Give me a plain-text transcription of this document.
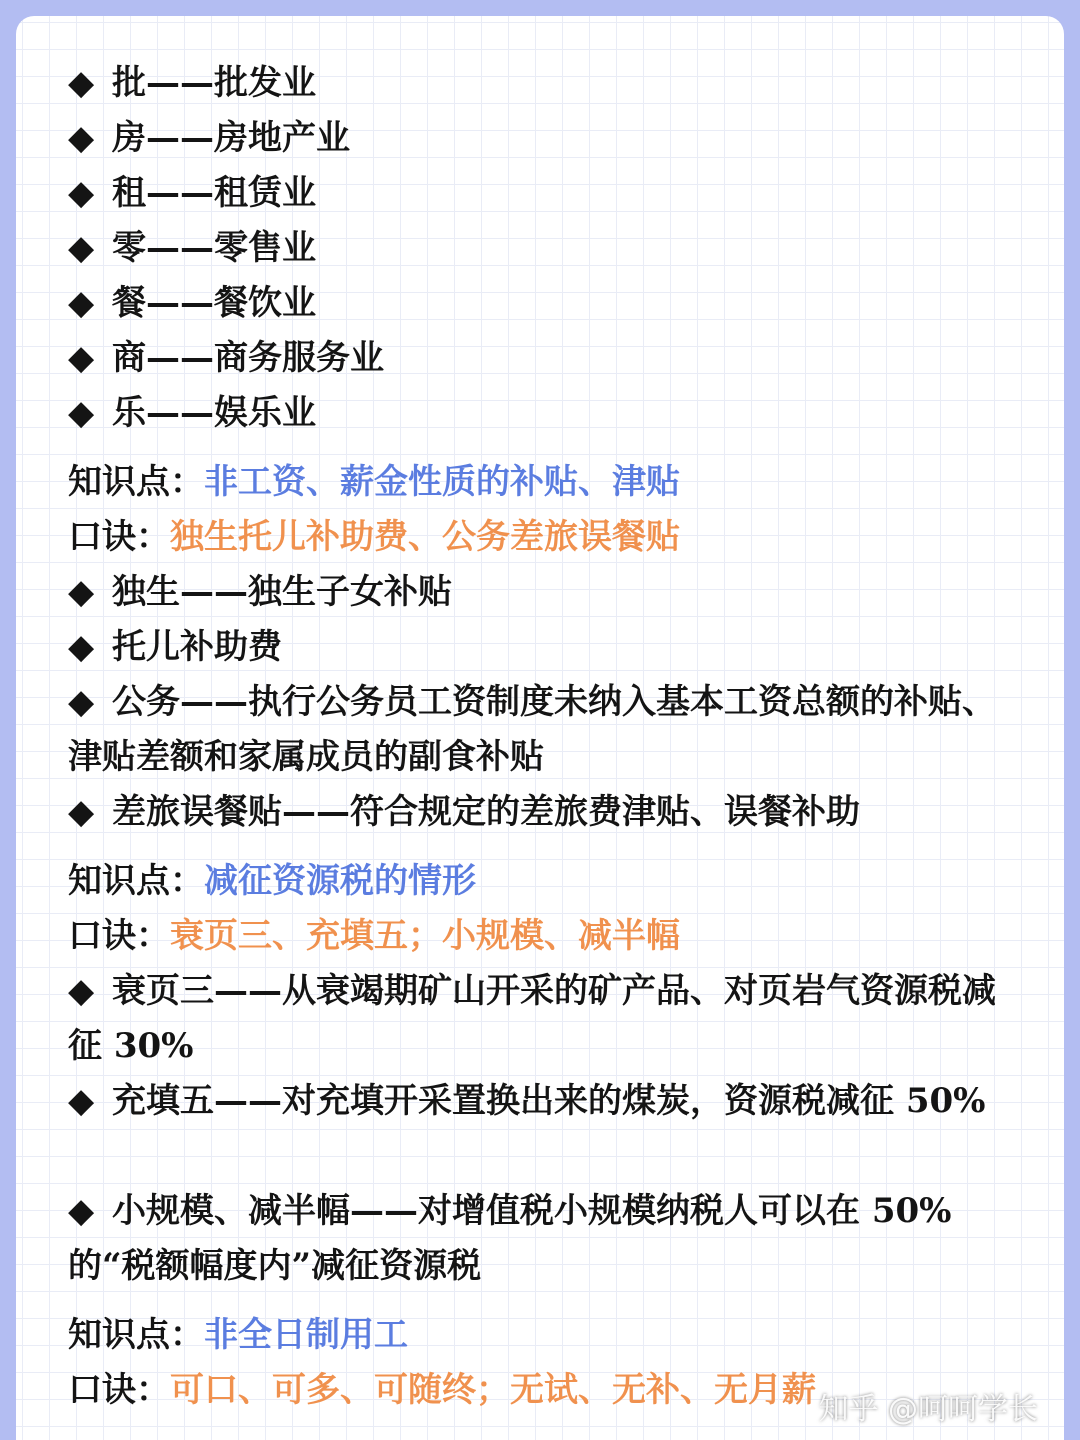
◆ 批——批发业
◆ 房——房地产业
◆ 租——租赁业
◆ 零——零售业
◆ 餐——餐饮业
◆ 商——商务服务业
◆ 乐——娱乐业
知识点：非工资、薪金性质的补贴、津贴
口诀：独生托儿补助费、公务差旅误餐贴
◆ 独生——独生子女补贴
◆ 托儿补助费
◆ 公务——执行公务员工资制度未纳入基本工资总额的补贴、津贴差额和家属成员的副食补贴
◆ 差旅误餐贴——符合规定的差旅费津贴、误餐补助
知识点：减征资源税的情形
口诀：衰页三、充填五；小规模、减半幅
◆ 衰页三——从衰竭期矿山开采的矿产品、对页岩气资源税减征 30%
◆ 充填五——对充填开采置换出来的煤炭，资源税减征 50%
◆ 小规模、减半幅——对增值税小规模纳税人可以在 50%的“税额幅度内”减征资源税
知识点：非全日制用工
口诀：可口、可多、可随终；无试、无补、无月薪 知乎 @呵呵学长
